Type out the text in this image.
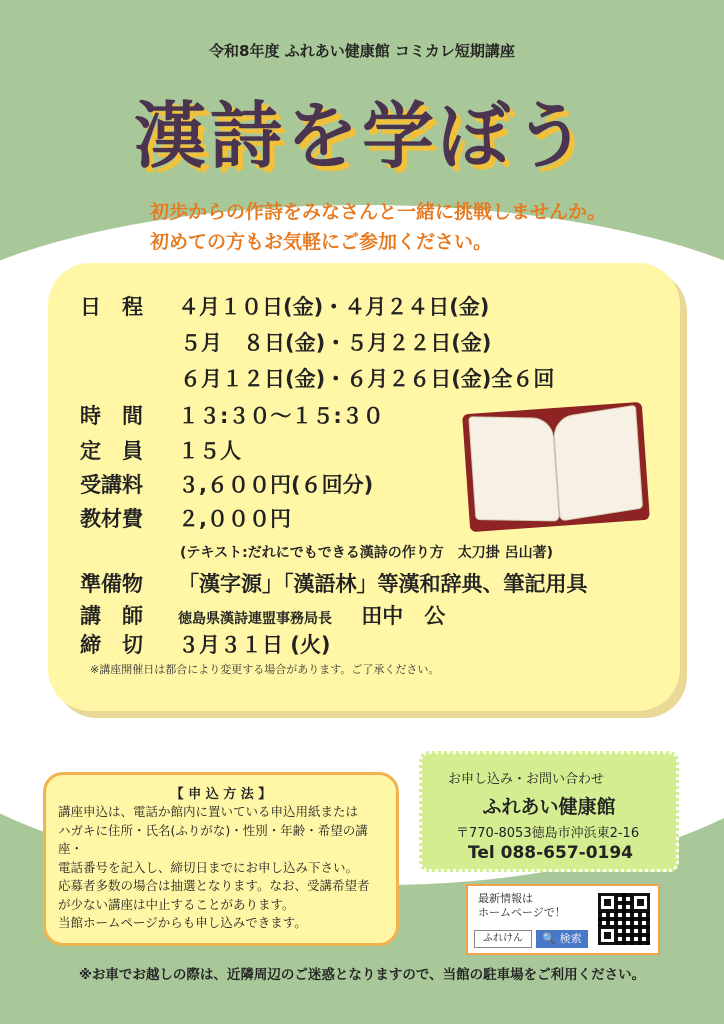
令和8年度 ふれあい健康館 コミカレ短期講座
漢詩を学ぼう
初歩からの作詩をみなさんと一緒に挑戦しませんか。
初めての方もお気軽にご参加ください。
日　程 ４月１０日(金)・４月２４日(金)
５月　８日(金)・５月２２日(金)
６月１２日(金)・６月２６日(金)全６回
時　間 １３:３０～１５:３０
定　員 １５人
受講料 ３,６００円(６回分)
教材費 ２,０００円
(テキスト:だれにでもできる漢詩の作り方　太刀掛 呂山著)
準備物 「漢字源」「漢語林」等漢和辞典、筆記用具
講　師	徳島県漢詩連盟事務局長 田中　公
締　切 ３月３１日 (火)
※講座開催日は都合により変更する場合があります。ご了承ください。
【 申 込 方 法 】
講座申込は、電話か館内に置いている申込用紙または
ハガキに住所・氏名(ふりがな)・性別・年齢・希望の講座・
電話番号を記入し、締切日までにお申し込み下さい。
応募者多数の場合は抽選となります。なお、受講希望者
が少ない講座は中止することがあります。
当館ホームページからも申し込みできます。
お申し込み・お問い合わせ
ふれあい健康館
〒770-8053徳島市沖浜東2-16
Tel 088-657-0194
最新情報は
ホームページで！
ふれけん	🔍 検索
※お車でお越しの際は、近隣周辺のご迷惑となりますので、当館の駐車場をご利用ください。
